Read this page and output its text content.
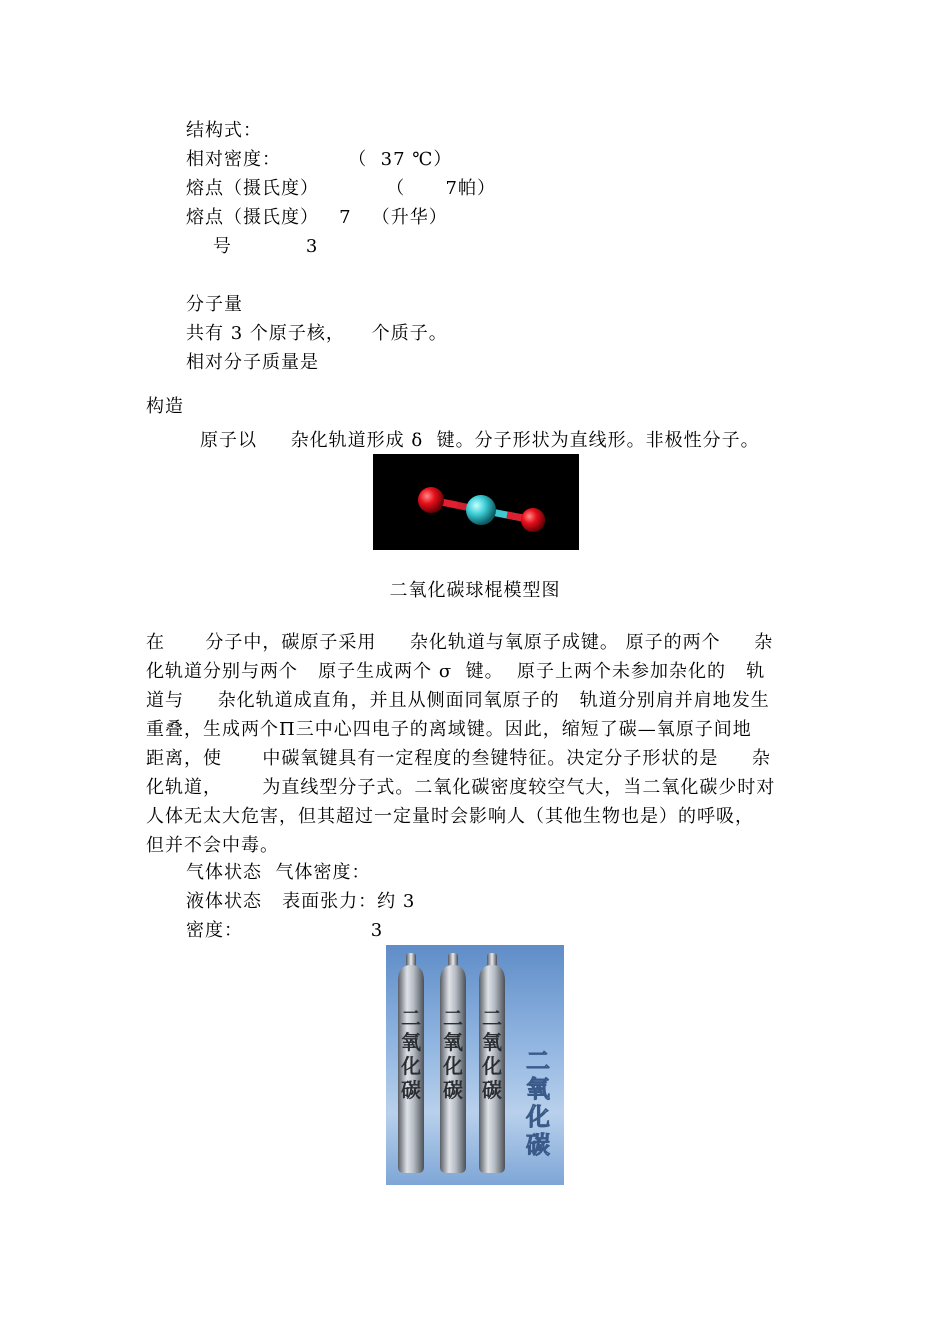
结构式：
相对密度：          （  37 ℃）
熔点（摄氏度）          （      7帕）
熔点（摄氏度）   7   （升华）
号           3
分子量
共有 3 个原子核，    个质子。
相对分子质量是
构造
原子以     杂化轨道形成 δ  键。分子形状为直线形。非极性分子。
二氧化碳球棍模型图
在      分子中，碳原子采用     杂化轨道与氧原子成键。 原子的两个     杂
化轨道分别与两个   原子生成两个 σ  键。  原子上两个未参加杂化的   轨
道与     杂化轨道成直角，并且从侧面同氧原子的   轨道分别肩并肩地发生
重叠，生成两个Π三中心四电子的离域键。因此，缩短了碳—氧原子间地
距离，使      中碳氧键具有一定程度的叁键特征。决定分子形状的是     杂
化轨道，      为直线型分子式。二氧化碳密度较空气大，当二氧化碳少时对
人体无太大危害，但其超过一定量时会影响人（其他生物也是）的呼吸，
但并不会中毒。
气体状态  气体密度：
液体状态   表面张力：约 3
密度：                   3
二
氧
化
碳
二
氧
化
碳
二
氧
化
碳
二
氧
化
碳
